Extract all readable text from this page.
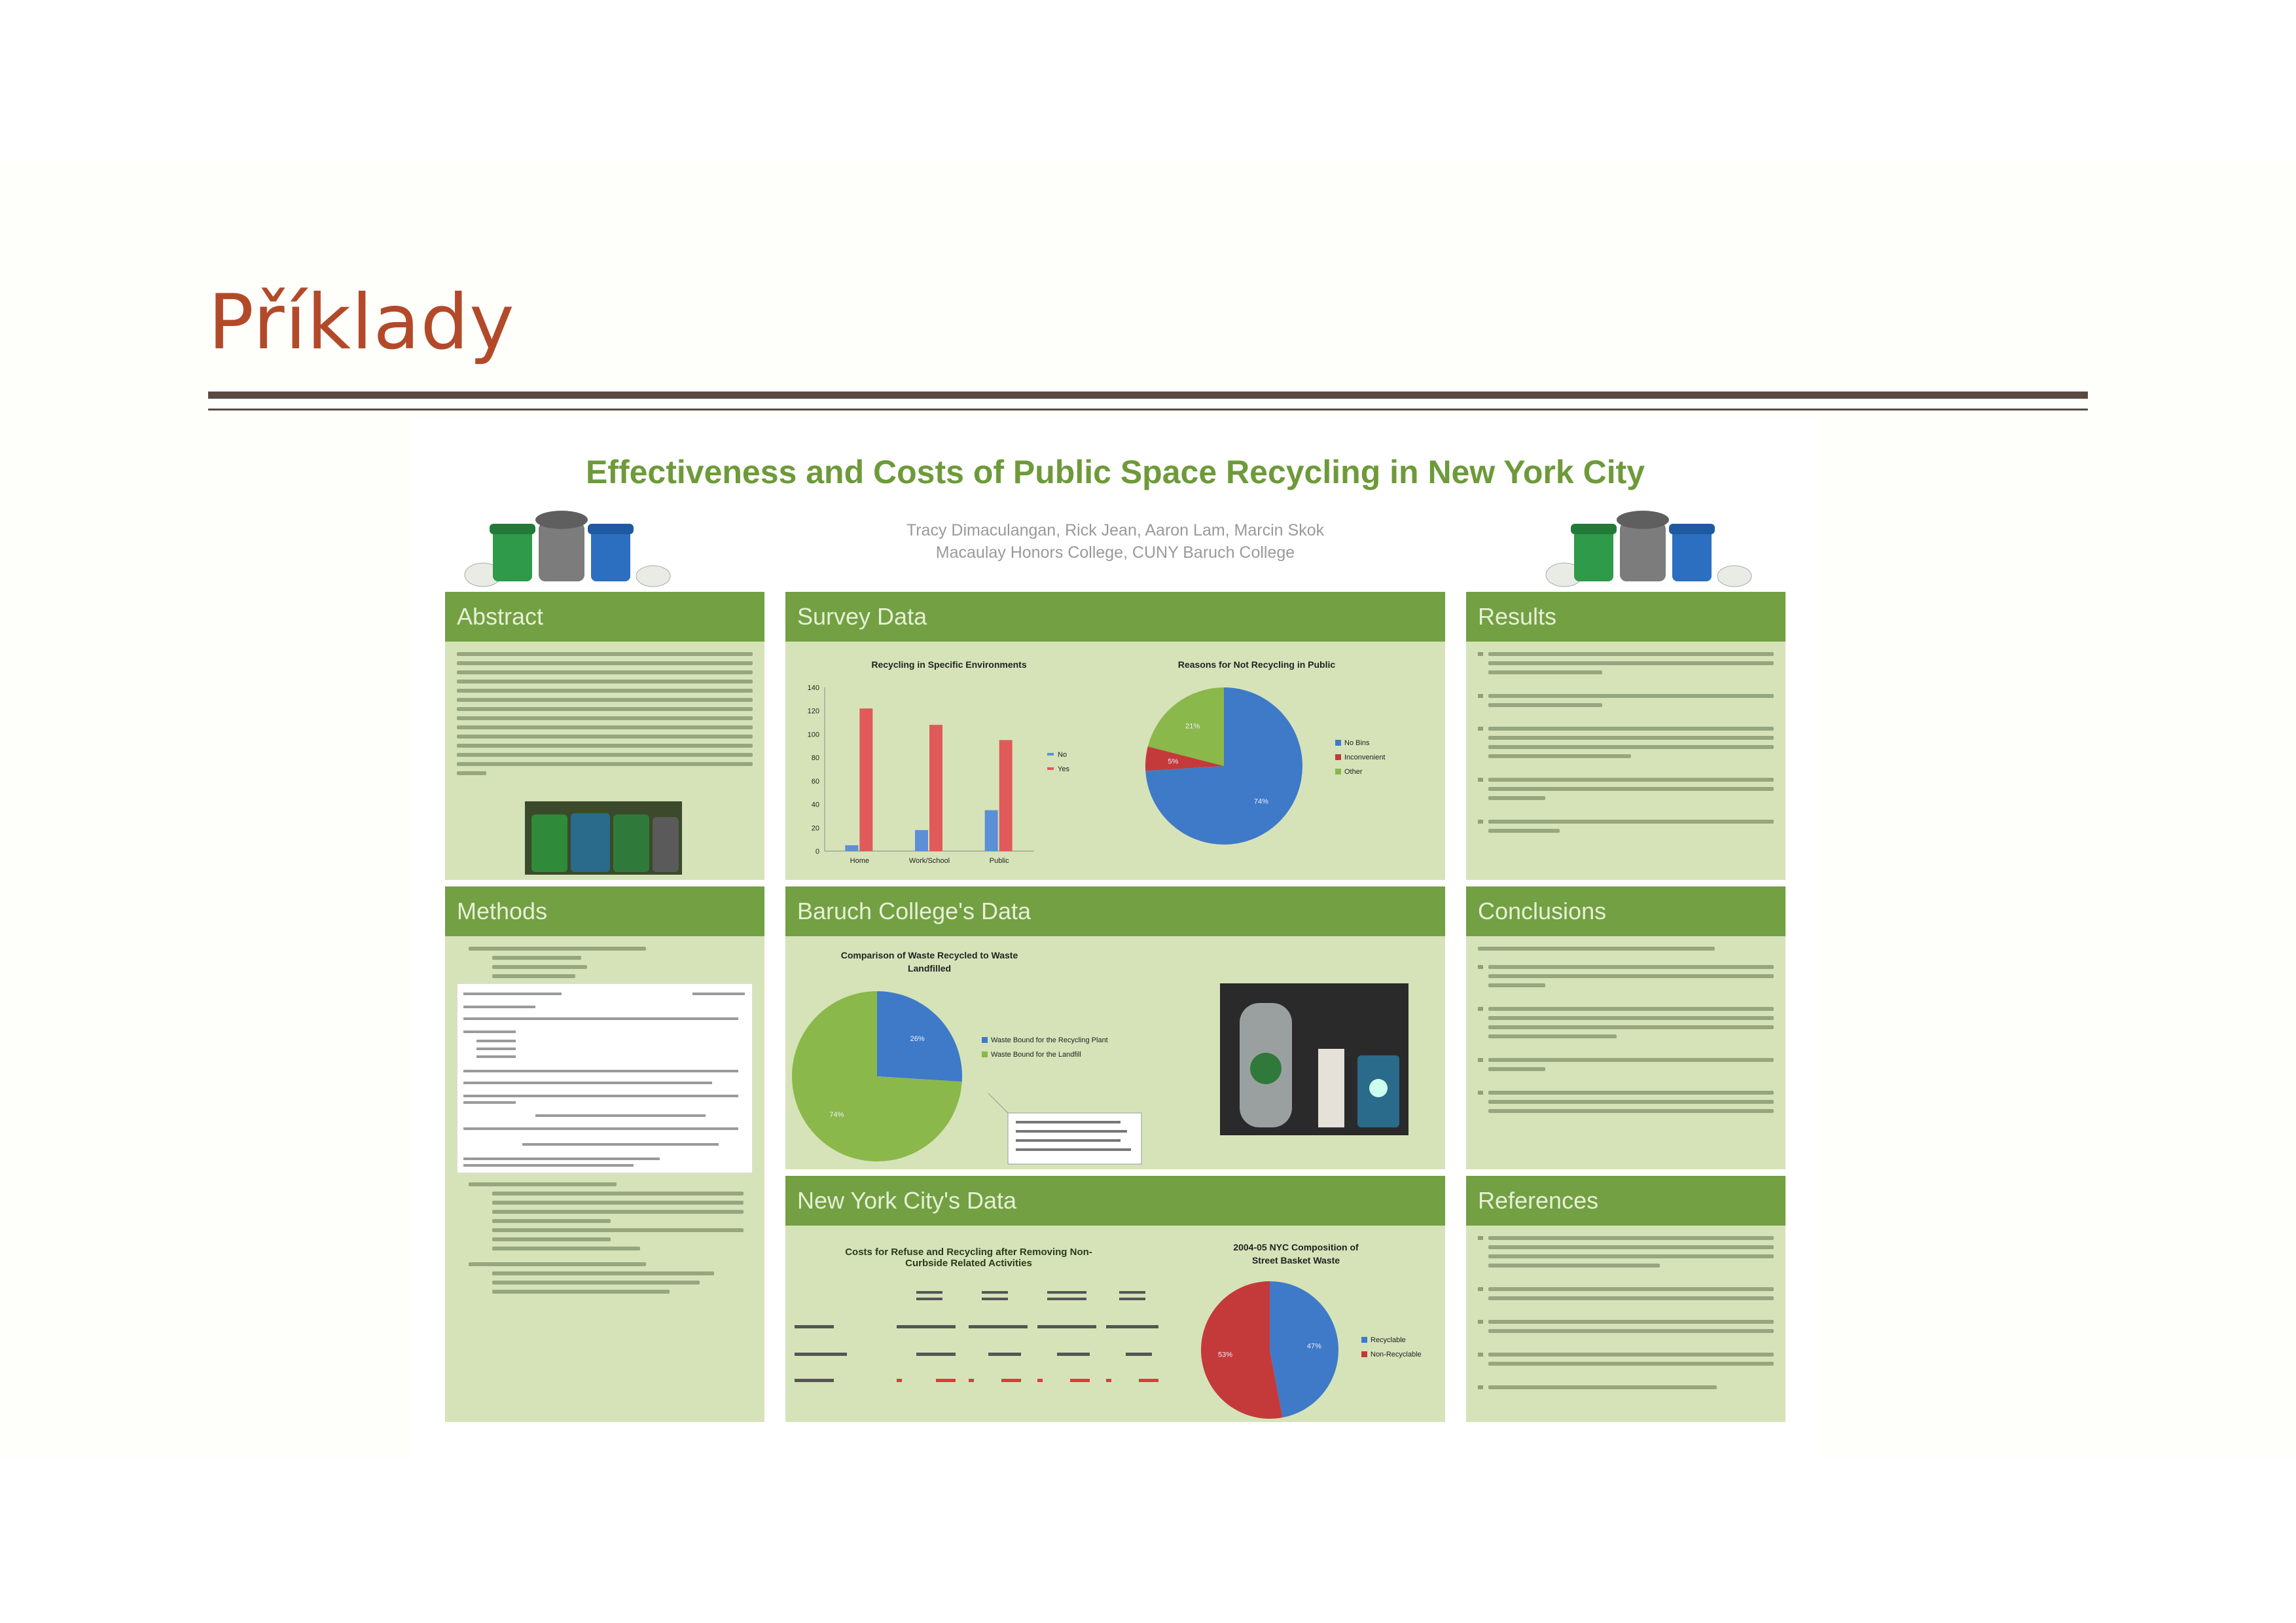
Příklady
Effectiveness and Costs of Public Space Recycling in New York City
Tracy Dimaculangan, Rick Jean, Aaron Lam, Marcin Skok
Macaulay Honors College, CUNY Baruch College
Abstract
Methods
Survey Data
Recycling in Specific Environments
0
20
40
60
80
100
120
140
Home	Work/School	Public
No
Yes
Reasons for Not Recycling in Public
74%
5%
21%
No Bins
Inconvenient
Other
Baruch College's Data
Comparison of Waste Recycled to Waste
Landfilled
26%
74%
Waste Bound for the Recycling Plant
Waste Bound for the Landfill
New York City's Data
Costs for Refuse and Recycling after Removing Non-Curbside Related Activities
2004-05 NYC Composition of
Street Basket Waste
47%
53%
Recyclable
Non-Recyclable
Results
Conclusions
References
